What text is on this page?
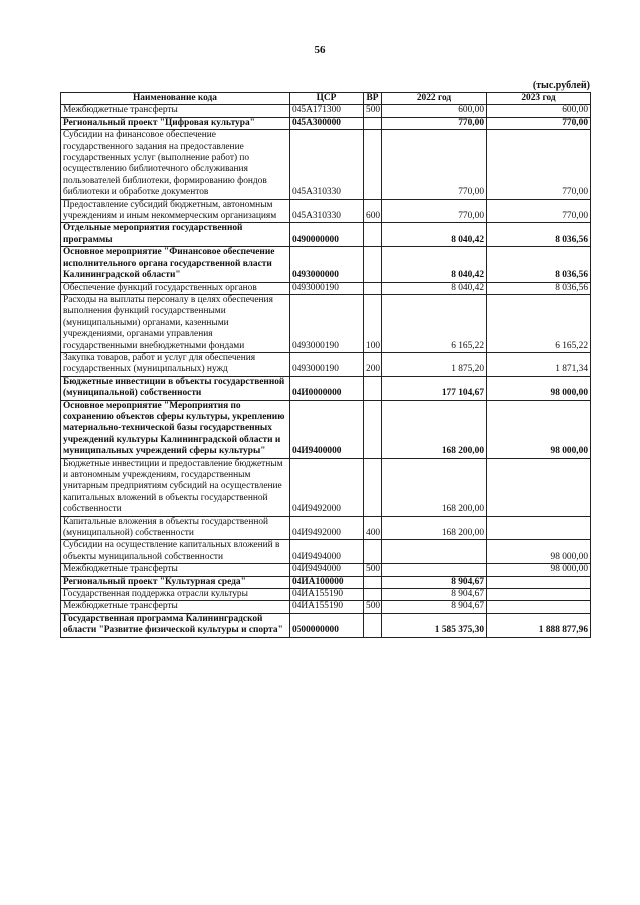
56
(тыс.рублей)
Наименование кода	ЦСР	ВР	2022 год	2023 год
Межбюджетные трансферты	045A171300	500	600,00	600,00
Региональный проект "Цифровая культура"	045A300000		770,00	770,00
Субсидии на финансовое обеспечение государственного задания на предоставление государственных услуг (выполнение работ) по осуществлению библиотечного обслуживания пользователей библиотеки, формированию фондов библиотеки и обработке документов	045A310330		770,00	770,00
Предоставление субсидий бюджетным, автономным учреждениям и иным некоммерческим организациям	045A310330	600	770,00	770,00
Отдельные мероприятия государственной программы	0490000000		8 040,42	8 036,56
Основное мероприятие "Финансовое обеспечение исполнительного органа государственной власти Калининградской области"	0493000000		8 040,42	8 036,56
Обеспечение функций государственных органов	0493000190		8 040,42	8 036,56
Расходы на выплаты персоналу в целях обеспечения выполнения функций государственными (муниципальными) органами, казенными учреждениями, органами управления государственными внебюджетными фондами	0493000190	100	6 165,22	6 165,22
Закупка товаров, работ и услуг для обеспечения государственных (муниципальных) нужд	0493000190	200	1 875,20	1 871,34
Бюджетные инвестиции в объекты государственной (муниципальной) собственности	04И0000000		177 104,67	98 000,00
Основное мероприятие "Мероприятия по сохранению объектов сферы культуры, укреплению материально-технической базы государственных учреждений культуры Калининградской области и муниципальных учреждений сферы культуры"	04И9400000		168 200,00	98 000,00
Бюджетные инвестиции и предоставление бюджетным и автономным учреждениям, государственным унитарным предприятиям субсидий на осуществление капитальных вложений в объекты государственной собственности	04И9492000		168 200,00	
Капитальные вложения в объекты государственной (муниципальной) собственности	04И9492000	400	168 200,00	
Субсидии на осуществление капитальных вложений в объекты муниципальной собственности	04И9494000			98 000,00
Межбюджетные трансферты	04И9494000	500		98 000,00
Региональный проект "Культурная среда"	04ИА100000		8 904,67	
Государственная поддержка отрасли культуры	04ИА155190		8 904,67	
Межбюджетные трансферты	04ИА155190	500	8 904,67	
Государственная программа Калининградской области "Развитие физической культуры и спорта"	0500000000		1 585 375,30	1 888 877,96
